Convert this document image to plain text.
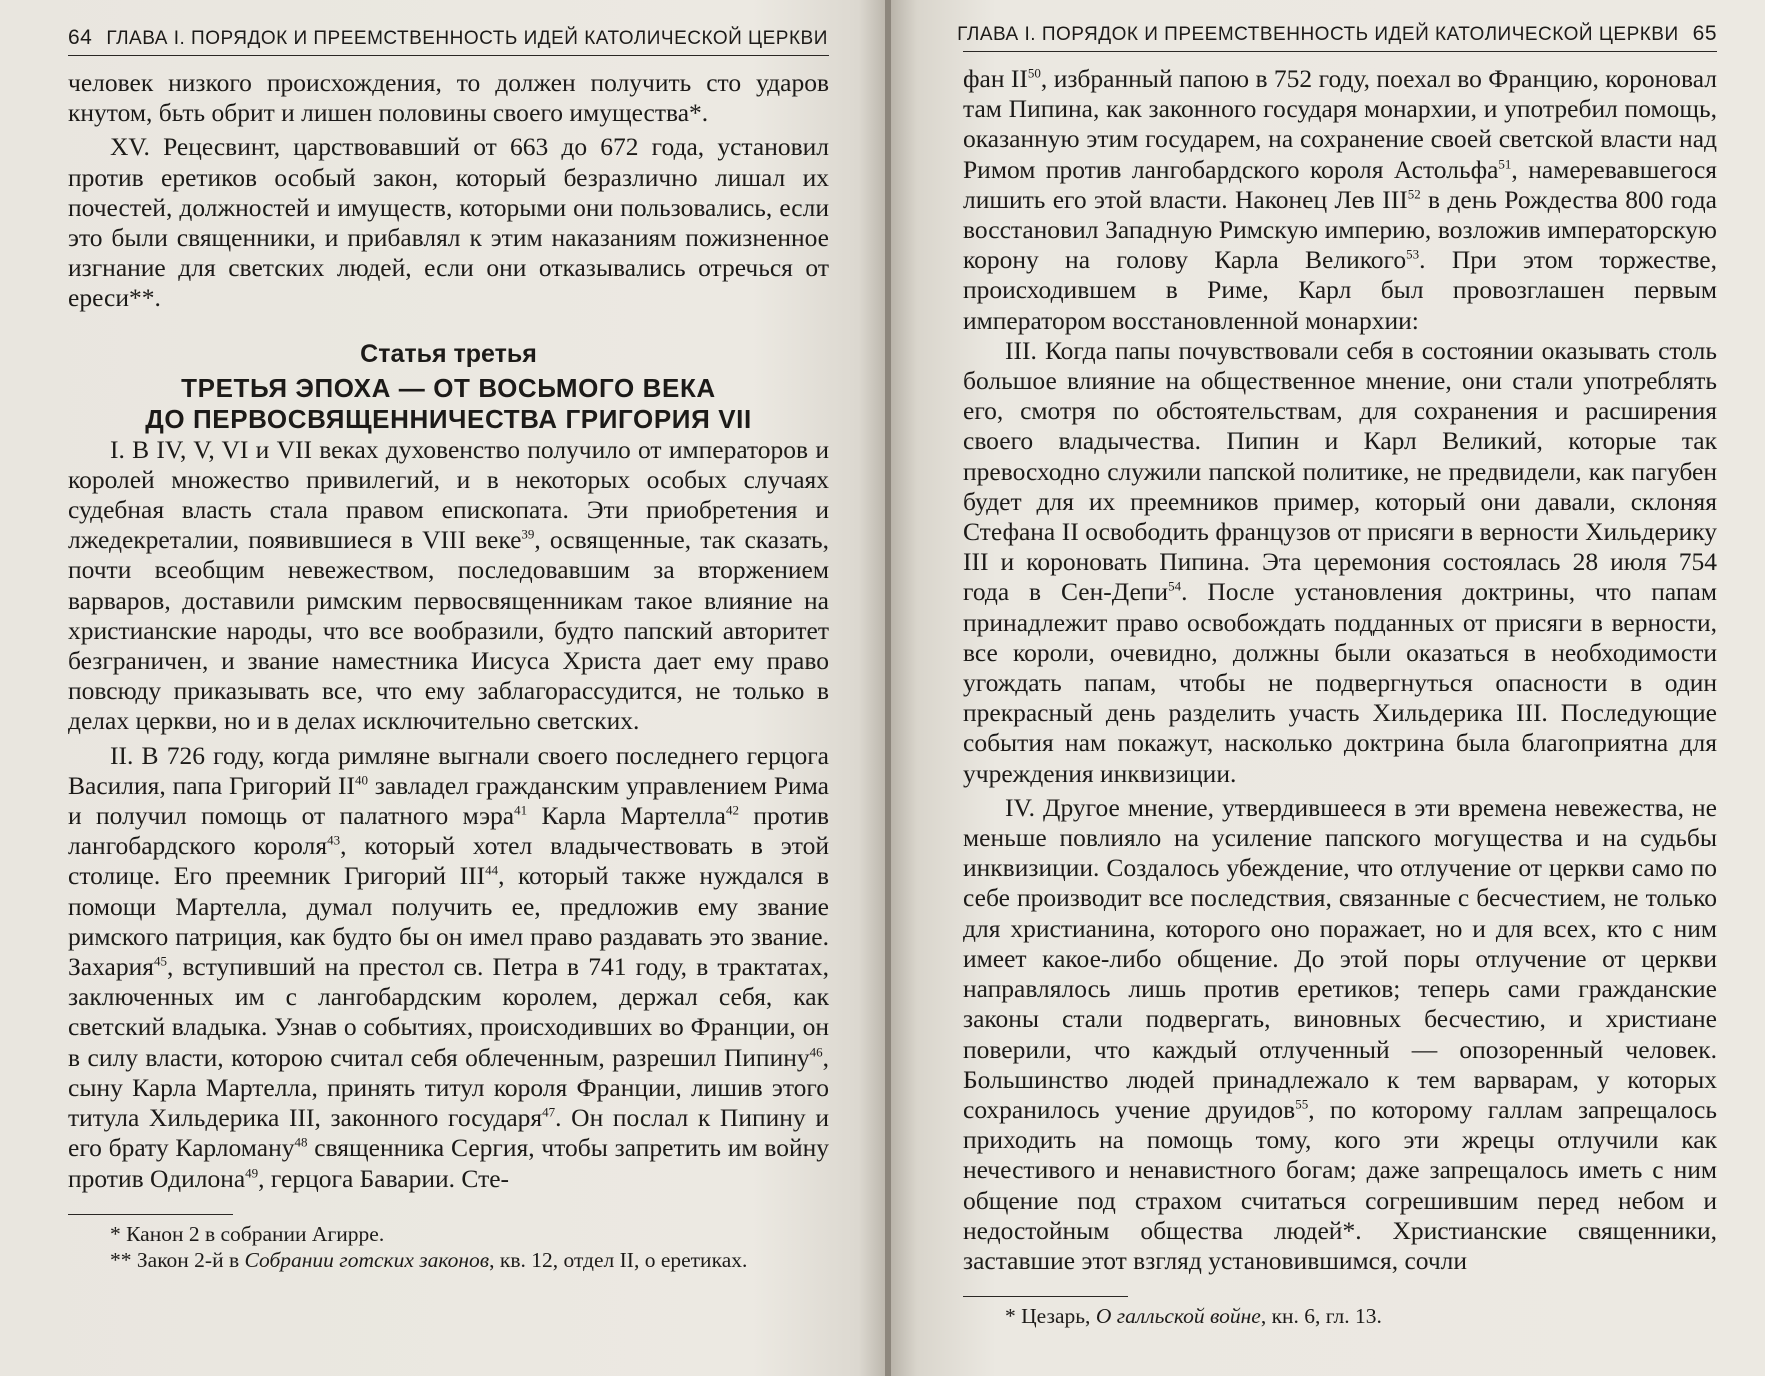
64 ГЛАВА I. ПОРЯДОК И ПРЕЕМСТВЕННОСТЬ ИДЕЙ КАТОЛИЧЕСКОЙ ЦЕРКВИ

человек низкого происхождения, то должен получить сто ударов кнутом, бьть обрит и лишен половины своего имущества*.

XV. Рецесвинт, царствовавший от 663 до 672 года, установил против еретиков особый закон, который безразлично лишал их почестей, должностей и имуществ, которыми они пользовались, если это были священники, и прибавлял к этим наказаниям пожизненное изгнание для светских людей, если они отказывались отречься от ереси**.

Статья третья
ТРЕТЬЯ ЭПОХА — ОТ ВОСЬМОГО ВЕКА
ДО ПЕРВОСВЯЩЕННИЧЕСТВА ГРИГОРИЯ VII

I. В IV, V, VI и VII веках духовенство получило от императоров и королей множество привилегий, и в некоторых особых случаях судебная власть стала правом епископата. Эти приобретения и лжедекреталии, появившиеся в VIII веке$^{39}$, освященные, так сказать, почти всеобщим невежеством, последовавшим за вторжением варваров, доставили римским первосвященникам такое влияние на христианские народы, что все вообразили, будто папский авторитет безграничен, и звание наместника Иисуса Христа дает ему право повсюду приказывать все, что ему заблагорассудится, не только в делах церкви, но и в делах исключительно светских.

II. В 726 году, когда римляне выгнали своего последнего герцога Василия, папа Григорий II$^{40}$ завладел гражданским управлением Рима и получил помощь от палатного мэра$^{41}$ Карла Мартелла$^{42}$ против лангобардского короля$^{43}$, который хотел владычествовать в этой столице. Его преемник Григорий III$^{44}$, который также нуждался в помощи Мартелла, думал получить ее, предложив ему звание римского патриция, как будто бы он имел право раздавать это звание. Захария$^{45}$, вступивший на престол св. Петра в 741 году, в трактатах, заключенных им с лангобардским королем, держал себя, как светский владыка. Узнав о событиях, происходивших во Франции, он в силу власти, которою считал себя облеченным, разрешил Пипину$^{46}$, сыну Карла Мартелла, принять титул короля Франции, лишив этого титула Хильдерика III, законного государя$^{47}$. Он послал к Пипину и его брату Карломану$^{48}$ священника Сергия, чтобы запретить им войну против Одилона$^{49}$, герцога Баварии. Сте-

* Канон 2 в собрании Агирре.
** Закон 2-й в Собрании готских законов, кв. 12, отдел II, о еретиках.
ГЛАВА I. ПОРЯДОК И ПРЕЕМСТВЕННОСТЬ ИДЕЙ КАТОЛИЧЕСКОЙ ЦЕРКВИ 65

фан II$^{50}$, избранный папою в 752 году, поехал во Францию, короновал там Пипина, как законного государя монархии, и употребил помощь, оказанную этим государем, на сохранение своей светской власти над Римом против лангобардского короля Астольфа$^{51}$, намеревавшегося лишить его этой власти. Наконец Лев III$^{52}$ в день Рождества 800 года восстановил Западную Римскую империю, возложив императорскую корону на голову Карла Великого$^{53}$. При этом торжестве, происходившем в Риме, Карл был провозглашен первым императором восстановленной монархии:

III. Когда папы почувствовали себя в состоянии оказывать столь большое влияние на общественное мнение, они стали употреблять его, смотря по обстоятельствам, для сохранения и расширения своего владычества. Пипин и Карл Великий, которые так превосходно служили папской политике, не предвидели, как пагубен будет для их преемников пример, который они давали, склоняя Стефана II освободить французов от присяги в верности Хильдерику III и короновать Пипина. Эта церемония состоялась 28 июля 754 года в Сен-Депи$^{54}$. После установления доктрины, что папам принадлежит право освобождать подданных от присяги в верности, все короли, очевидно, должны были оказаться в необходимости угождать папам, чтобы не подвергнуться опасности в один прекрасный день разделить участь Хильдерика III. Последующие события нам покажут, насколько доктрина была благоприятна для учреждения инквизиции.

IV. Другое мнение, утвердившееся в эти времена невежества, не меньше повлияло на усиление папского могущества и на судьбы инквизиции. Создалось убеждение, что отлучение от церкви само по себе производит все последствия, связанные с бесчестием, не только для христианина, которого оно поражает, но и для всех, кто с ним имеет какое-либо общение. До этой поры отлучение от церкви направлялось лишь против еретиков; теперь сами гражданские законы стали подвергать, виновных бесчестию, и христиане поверили, что каждый отлученный — опозоренный человек. Большинство людей принадлежало к тем варварам, у которых сохранилось учение друидов$^{55}$, по которому галлам запрещалось приходить на помощь тому, кого эти жрецы отлучили как нечестивого и ненавистного богам; даже запрещалось иметь с ним общение под страхом считаться согрешившим перед небом и недостойным общества людей*. Христианские священники, заставшие этот взгляд установившимся, сочли

* Цезарь, О галльской войне, кн. 6, гл. 13.
